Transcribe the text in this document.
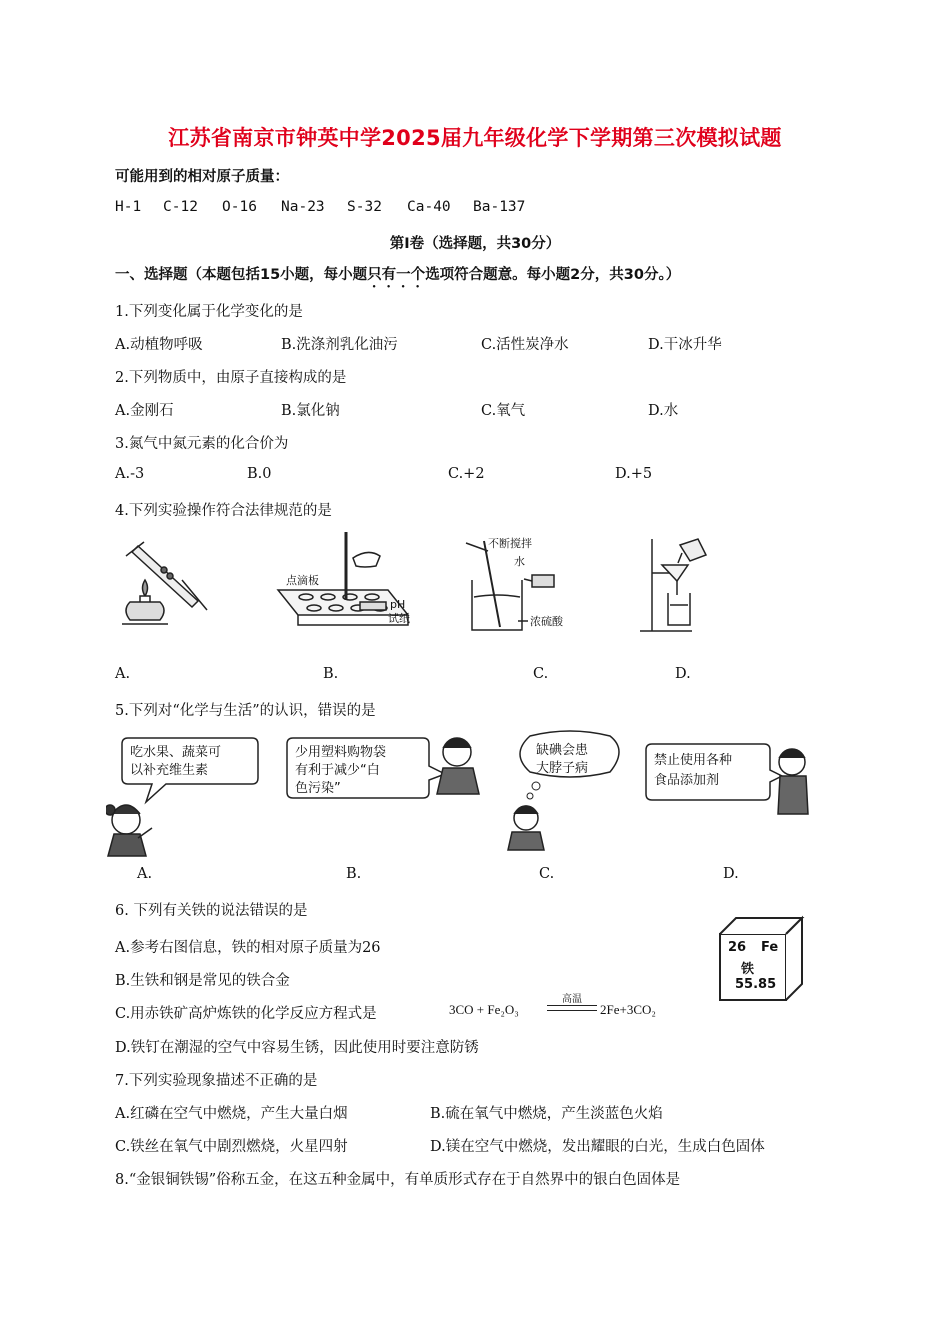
江苏省南京市钟英中学2025届九年级化学下学期第三次模拟试题
可能用到的相对原子质量：
H-1 C-12 O-16 Na-23 S-32 Ca-40 Ba-137
第Ⅰ卷（选择题，共30分）
一、选择题（本题包括15小题，每小题只有一个选项符合题意。每小题2分，共30分。）
1.下列变化属于化学变化的是
A.动植物呼吸	B.洗涤剂乳化油污	C.活性炭净水	D.干冰升华
2.下列物质中，由原子直接构成的是
A.金刚石	B.氯化钠	C.氧气	D.水
3.氮气中氮元素的化合价为
A.-3	B.0	C.+2	D.+5
4.下列实验操作符合法律规范的是
点滴板
pH
试纸
不断搅拌
水
浓硫酸
A.	B.	C.	D.
5.下列对“化学与生活”的认识，错误的是
吃水果、蔬菜可
以补充维生素
少用塑料购物袋
有利于减少“白
色污染”
缺碘会患
大脖子病
禁止使用各种
食品添加剂
A.	B.	C.	D.
6. 下列有关铁的说法错误的是
A.参考右图信息，铁的相对原子质量为26
B.生铁和钢是常见的铁合金
C.用赤铁矿高炉炼铁的化学反应方程式是	3CO + Fe₂O₃
高温
2Fe+3CO₂
26 Fe
铁
55.85
D.铁钉在潮湿的空气中容易生锈，因此使用时要注意防锈
7.下列实验现象描述不正确的是
A.红磷在空气中燃烧，产生大量白烟	B.硫在氧气中燃烧，产生淡蓝色火焰
C.铁丝在氧气中剧烈燃烧，火星四射	D.镁在空气中燃烧，发出耀眼的白光，生成白色固体
8.“金银铜铁锡”俗称五金，在这五种金属中，有单质形式存在于自然界中的银白色固体是
